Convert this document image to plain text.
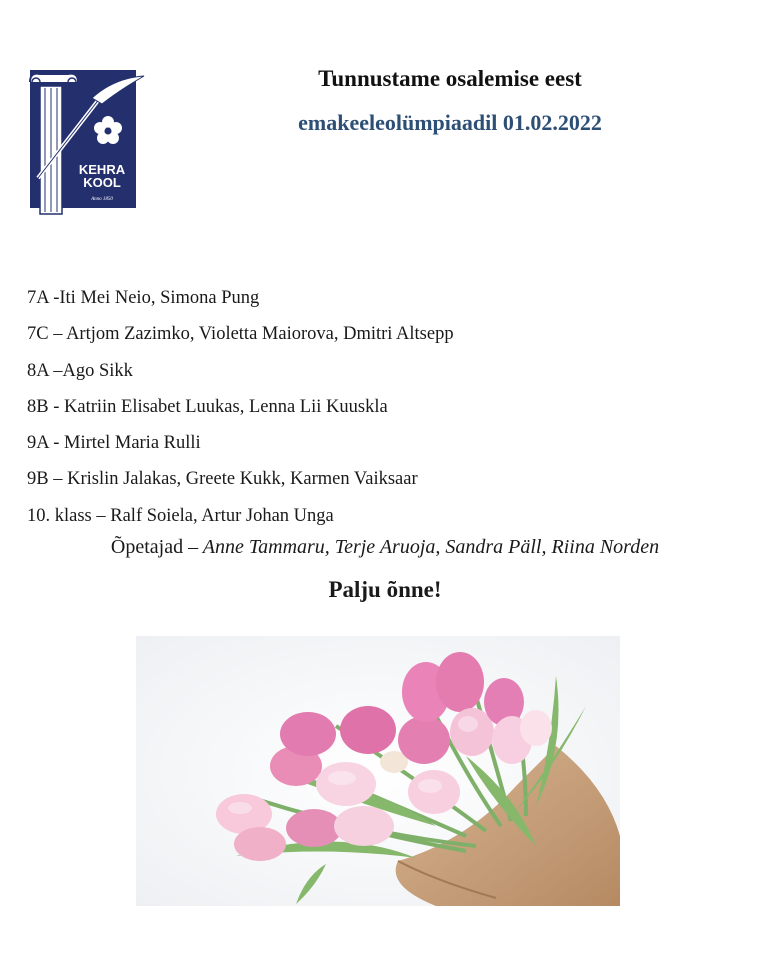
KEHRA
KOOL
Anno 1850
Tunnustame osalemise eest
emakeeleolümpiaadil 01.02.2022
7A -Iti Mei Neio, Simona Pung
7C – Artjom Zazimko, Violetta Maiorova, Dmitri Altsepp
8A –Ago Sikk
8B - Katriin Elisabet Luukas, Lenna Lii Kuuskla
9A - Mirtel Maria Rulli
9B – Krislin Jalakas, Greete Kukk, Karmen Vaiksaar
10. klass – Ralf Soiela, Artur Johan Unga
Õpetajad – Anne Tammaru, Terje Aruoja, Sandra Päll, Riina Norden
Palju õnne!
